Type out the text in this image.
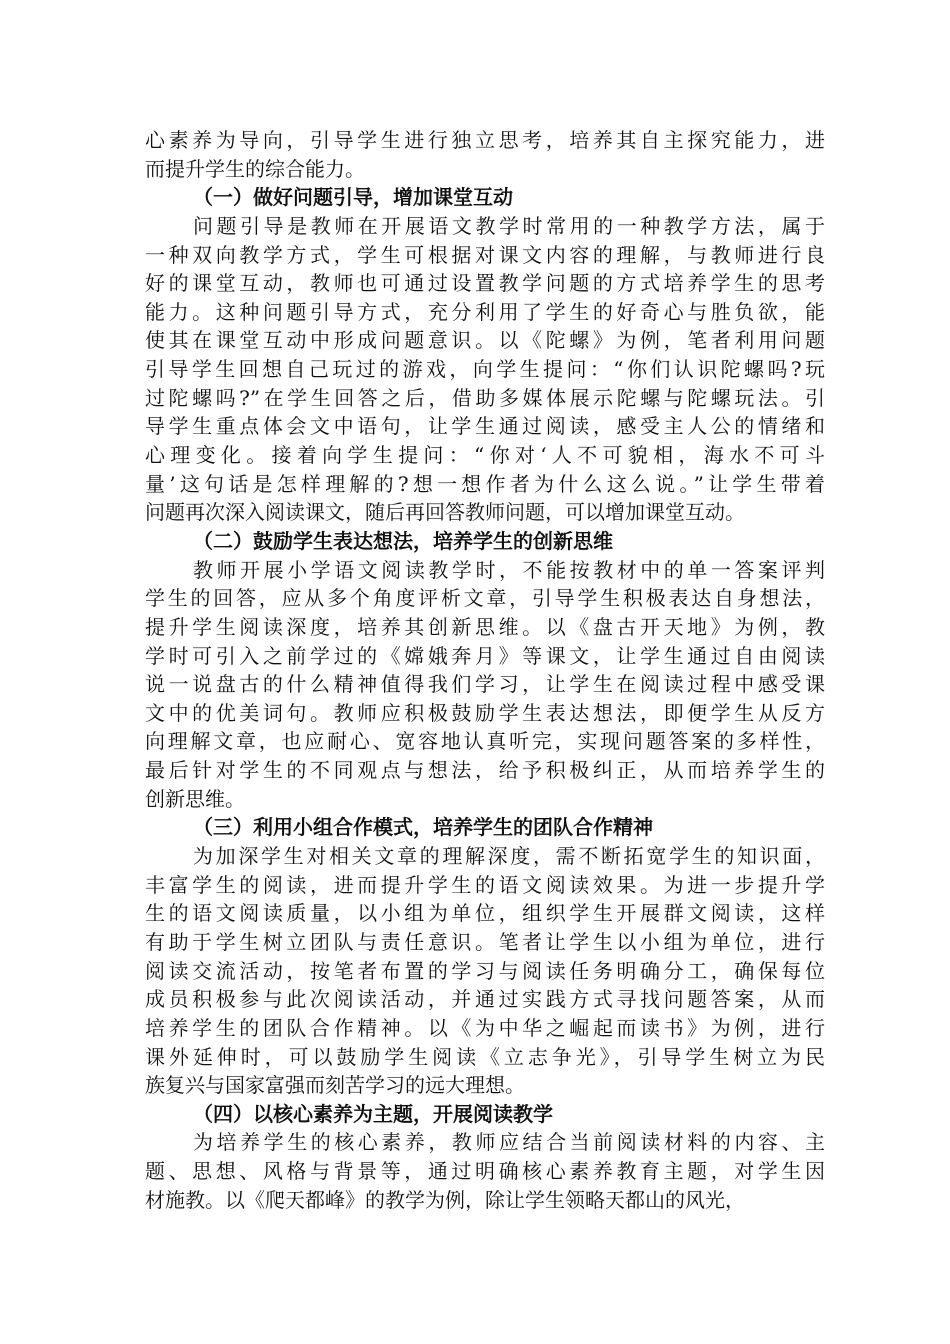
心素养为导向，引导学生进行独立思考，培养其自主探究能力，进
而提升学生的综合能力。
（一）做好问题引导，增加课堂互动
问题引导是教师在开展语文教学时常用的一种教学方法，属于
一种双向教学方式，学生可根据对课文内容的理解，与教师进行良
好的课堂互动，教师也可通过设置教学问题的方式培养学生的思考
能力。这种问题引导方式，充分利用了学生的好奇心与胜负欲，能
使其在课堂互动中形成问题意识。以《陀螺》为例，笔者利用问题
引导学生回想自己玩过的游戏，向学生提问：“你们认识陀螺吗?玩
过陀螺吗?”在学生回答之后，借助多媒体展示陀螺与陀螺玩法。引
导学生重点体会文中语句，让学生通过阅读，感受主人公的情绪和
心理变化。接着向学生提问：“你对‘人不可貌相，海水不可斗
量’这句话是怎样理解的?想一想作者为什么这么说。”让学生带着
问题再次深入阅读课文，随后再回答教师问题，可以增加课堂互动。
（二）鼓励学生表达想法，培养学生的创新思维
教师开展小学语文阅读教学时，不能按教材中的单一答案评判
学生的回答，应从多个角度评析文章，引导学生积极表达自身想法，
提升学生阅读深度，培养其创新思维。以《盘古开天地》为例，教
学时可引入之前学过的《嫦娥奔月》等课文，让学生通过自由阅读
说一说盘古的什么精神值得我们学习，让学生在阅读过程中感受课
文中的优美词句。教师应积极鼓励学生表达想法，即便学生从反方
向理解文章，也应耐心、宽容地认真听完，实现问题答案的多样性，
最后针对学生的不同观点与想法，给予积极纠正，从而培养学生的
创新思维。
（三）利用小组合作模式，培养学生的团队合作精神
为加深学生对相关文章的理解深度，需不断拓宽学生的知识面，
丰富学生的阅读，进而提升学生的语文阅读效果。为进一步提升学
生的语文阅读质量，以小组为单位，组织学生开展群文阅读，这样
有助于学生树立团队与责任意识。笔者让学生以小组为单位，进行
阅读交流活动，按笔者布置的学习与阅读任务明确分工，确保每位
成员积极参与此次阅读活动，并通过实践方式寻找问题答案，从而
培养学生的团队合作精神。以《为中华之崛起而读书》为例，进行
课外延伸时，可以鼓励学生阅读《立志争光》，引导学生树立为民
族复兴与国家富强而刻苦学习的远大理想。
（四）以核心素养为主题，开展阅读教学
为培养学生的核心素养，教师应结合当前阅读材料的内容、主
题、思想、风格与背景等，通过明确核心素养教育主题，对学生因
材施教。以《爬天都峰》的教学为例，除让学生领略天都山的风光，
